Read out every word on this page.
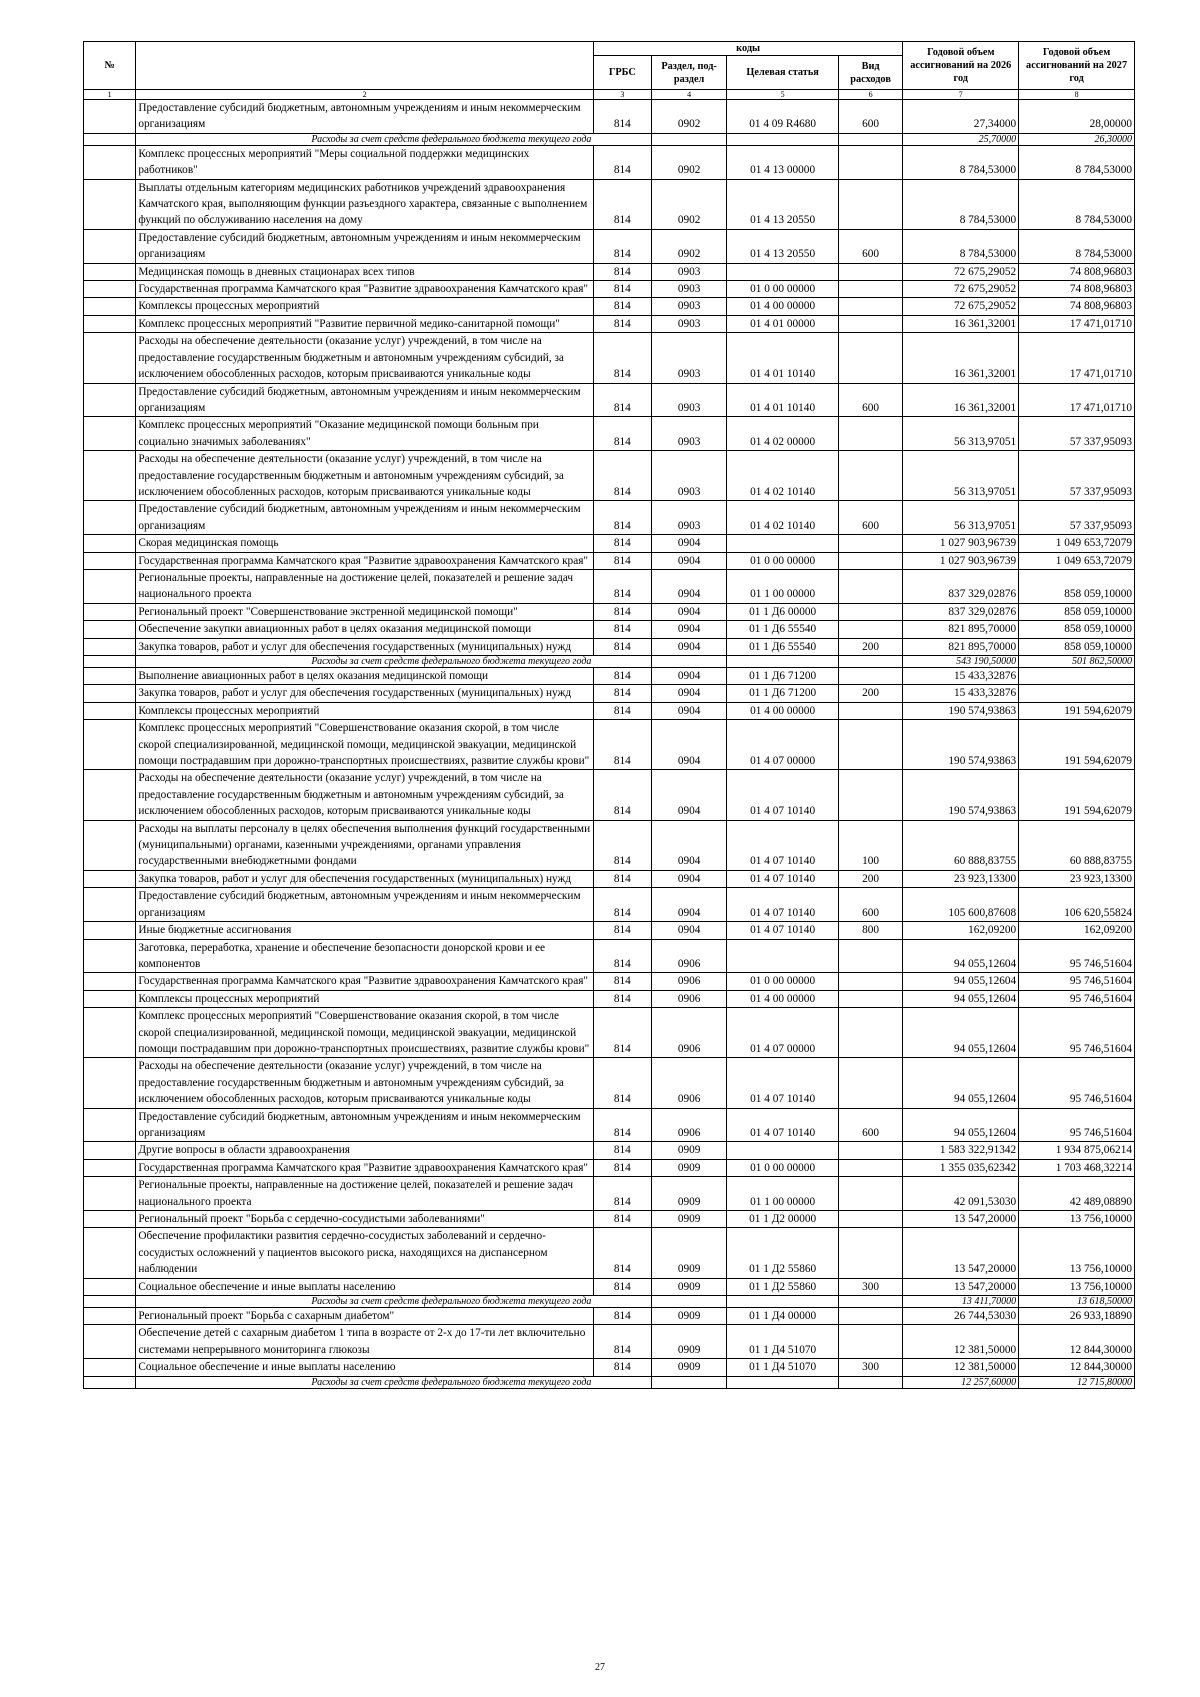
№		коды				Годовой объем ассигнований на 2026 год	Годовой объем ассигнований на 2027 год
		ГРБС	Раздел, под-раздел	Целевая статья	Вид расходов		
1	2	3	4	5	6	7	8
	Предоставление субсидий бюджетным, автономным учреждениям и иным некоммерческим организациям	814	0902	01 4 09 R4680	600	27,34000	28,00000
	Расходы за счет средств федерального бюджета текущего года					25,70000	26,30000
	Комплекс процессных мероприятий "Меры социальной поддержки медицинских работников"	814	0902	01 4 13 00000		8 784,53000	8 784,53000
	Выплаты отдельным категориям медицинских работников учреждений здравоохранения Камчатского края, выполняющим функции разъездного характера, связанные с выполнением функций по обслуживанию населения на дому	814	0902	01 4 13 20550		8 784,53000	8 784,53000
	Предоставление субсидий бюджетным, автономным учреждениям и иным некоммерческим организациям	814	0902	01 4 13 20550	600	8 784,53000	8 784,53000
	Медицинская помощь в дневных стационарах всех типов	814	0903			72 675,29052	74 808,96803
	Государственная программа Камчатского края "Развитие здравоохранения Камчатского края"	814	0903	01 0 00 00000		72 675,29052	74 808,96803
	Комплексы процессных мероприятий	814	0903	01 4 00 00000		72 675,29052	74 808,96803
	Комплекс процессных мероприятий "Развитие первичной медико-санитарной помощи"	814	0903	01 4 01 00000		16 361,32001	17 471,01710
	Расходы на обеспечение деятельности (оказание услуг) учреждений, в том числе на предоставление государственным бюджетным и автономным учреждениям субсидий, за исключением обособленных расходов, которым присваиваются уникальные коды	814	0903	01 4 01 10140		16 361,32001	17 471,01710
	Предоставление субсидий бюджетным, автономным учреждениям и иным некоммерческим организациям	814	0903	01 4 01 10140	600	16 361,32001	17 471,01710
	Комплекс процессных мероприятий "Оказание медицинской помощи больным при социально значимых заболеваниях"	814	0903	01 4 02 00000		56 313,97051	57 337,95093
	Расходы на обеспечение деятельности (оказание услуг) учреждений, в том числе на предоставление государственным бюджетным и автономным учреждениям субсидий, за исключением обособленных расходов, которым присваиваются уникальные коды	814	0903	01 4 02 10140		56 313,97051	57 337,95093
	Предоставление субсидий бюджетным, автономным учреждениям и иным некоммерческим организациям	814	0903	01 4 02 10140	600	56 313,97051	57 337,95093
	Скорая медицинская помощь	814	0904			1 027 903,96739	1 049 653,72079
	Государственная программа Камчатского края "Развитие здравоохранения Камчатского края"	814	0904	01 0 00 00000		1 027 903,96739	1 049 653,72079
	Региональные проекты, направленные на достижение целей, показателей и решение задач национального проекта	814	0904	01 1 00 00000		837 329,02876	858 059,10000
	Региональный проект "Совершенствование экстренной медицинской помощи"	814	0904	01 1 Д6 00000		837 329,02876	858 059,10000
	Обеспечение закупки авиационных работ в целях оказания медицинской помощи	814	0904	01 1 Д6 55540		821 895,70000	858 059,10000
	Закупка товаров, работ и услуг для обеспечения государственных (муниципальных) нужд	814	0904	01 1 Д6 55540	200	821 895,70000	858 059,10000
	Расходы за счет средств федерального бюджета текущего года					543 190,50000	501 862,50000
	Выполнение авиационных работ в целях оказания медицинской помощи	814	0904	01 1 Д6 71200		15 433,32876	
	Закупка товаров, работ и услуг для обеспечения государственных (муниципальных) нужд	814	0904	01 1 Д6 71200	200	15 433,32876	
	Комплексы процессных мероприятий	814	0904	01 4 00 00000		190 574,93863	191 594,62079
	Комплекс процессных мероприятий "Совершенствование оказания скорой, в том числе скорой специализированной, медицинской помощи, медицинской эвакуации, медицинской помощи пострадавшим при дорожно-транспортных происшествиях, развитие службы крови"	814	0904	01 4 07 00000		190 574,93863	191 594,62079
	Расходы на обеспечение деятельности (оказание услуг) учреждений, в том числе на предоставление государственным бюджетным и автономным учреждениям субсидий, за исключением обособленных расходов, которым присваиваются уникальные коды	814	0904	01 4 07 10140		190 574,93863	191 594,62079
	Расходы на выплаты персоналу в целях обеспечения выполнения функций государственными (муниципальными) органами, казенными учреждениями, органами управления государственными внебюджетными фондами	814	0904	01 4 07 10140	100	60 888,83755	60 888,83755
	Закупка товаров, работ и услуг для обеспечения государственных (муниципальных) нужд	814	0904	01 4 07 10140	200	23 923,13300	23 923,13300
	Предоставление субсидий бюджетным, автономным учреждениям и иным некоммерческим организациям	814	0904	01 4 07 10140	600	105 600,87608	106 620,55824
	Иные бюджетные ассигнования	814	0904	01 4 07 10140	800	162,09200	162,09200
	Заготовка, переработка, хранение и обеспечение безопасности донорской крови и ее компонентов	814	0906			94 055,12604	95 746,51604
	Государственная программа Камчатского края "Развитие здравоохранения Камчатского края"	814	0906	01 0 00 00000		94 055,12604	95 746,51604
	Комплексы процессных мероприятий	814	0906	01 4 00 00000		94 055,12604	95 746,51604
	Комплекс процессных мероприятий "Совершенствование оказания скорой, в том числе скорой специализированной, медицинской помощи, медицинской эвакуации, медицинской помощи пострадавшим при дорожно-транспортных происшествиях, развитие службы крови"	814	0906	01 4 07 00000		94 055,12604	95 746,51604
	Расходы на обеспечение деятельности (оказание услуг) учреждений, в том числе на предоставление государственным бюджетным и автономным учреждениям субсидий, за исключением обособленных расходов, которым присваиваются уникальные коды	814	0906	01 4 07 10140		94 055,12604	95 746,51604
	Предоставление субсидий бюджетным, автономным учреждениям и иным некоммерческим организациям	814	0906	01 4 07 10140	600	94 055,12604	95 746,51604
	Другие вопросы в области здравоохранения	814	0909			1 583 322,91342	1 934 875,06214
	Государственная программа Камчатского края "Развитие здравоохранения Камчатского края"	814	0909	01 0 00 00000		1 355 035,62342	1 703 468,32214
	Региональные проекты, направленные на достижение целей, показателей и решение задач национального проекта	814	0909	01 1 00 00000		42 091,53030	42 489,08890
	Региональный проект "Борьба с сердечно-сосудистыми заболеваниями"	814	0909	01 1 Д2 00000		13 547,20000	13 756,10000
	Обеспечение профилактики развития сердечно-сосудистых заболеваний и сердечно-сосудистых осложнений у пациентов высокого риска, находящихся на диспансерном наблюдении	814	0909	01 1 Д2 55860		13 547,20000	13 756,10000
	Социальное обеспечение и иные выплаты населению	814	0909	01 1 Д2 55860	300	13 547,20000	13 756,10000
	Расходы за счет средств федерального бюджета текущего года					13 411,70000	13 618,50000
	Региональный проект "Борьба с сахарным диабетом"	814	0909	01 1 Д4 00000		26 744,53030	26 933,18890
	Обеспечение детей с сахарным диабетом 1 типа в возрасте от 2-х до 17-ти лет включительно системами непрерывного мониторинга глюкозы	814	0909	01 1 Д4 51070		12 381,50000	12 844,30000
	Социальное обеспечение и иные выплаты населению	814	0909	01 1 Д4 51070	300	12 381,50000	12 844,30000
	Расходы за счет средств федерального бюджета текущего года					12 257,60000	12 715,80000
27
